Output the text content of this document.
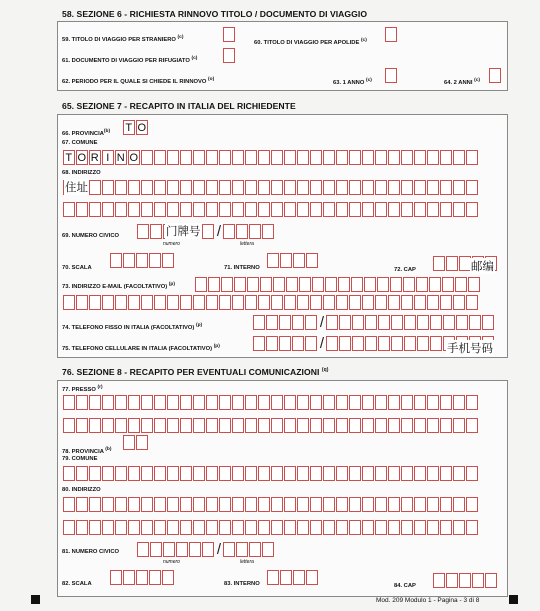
58. SEZIONE 6 - RICHIESTA RINNOVO TITOLO / DOCUMENTO DI VIAGGIO
59. TITOLO DI VIAGGIO PER STRANIERO $^{(c)}$
60. TITOLO DI VIAGGIO PER APOLIDE $^{(c)}$
61. DOCUMENTO DI VIAGGIO PER RIFUGIATO $^{(c)}$
62. PERIODO PER IL QUALE SI CHIEDE IL RINNOVO $^{(o)}$
63. 1 ANNO $^{(c)}$	64. 2 ANNI $^{(c)}$
65. SEZIONE 7 - RECAPITO IN ITALIA DEL RICHIEDENTE
66. PROVINCIA$^{(b)}$ T O
67. COMUNE
T O R I N O
68. INDIRIZZO
住址
69. NUMERO CIVICO	/
门牌号
numero	lettera
70. SCALA	71. INTERNO	72. CAP	邮编
73. INDIRIZZO E-MAIL (FACOLTATIVO) $^{(p)}$
74. TELEFONO FISSO IN ITALIA (FACOLTATIVO) $^{(p)}$	/
75. TELEFONO CELLULARE IN ITALIA (FACOLTATIVO) $^{(p)}$	/	手机号码
76. SEZIONE 8 - RECAPITO PER EVENTUALI COMUNICAZIONI $^{(q)}$
77. PRESSO $^{(r)}$
78. PROVINCIA $^{(b)}$
79. COMUNE
80. INDIRIZZO
81. NUMERO CIVICO	/
numero	lettera
82. SCALA	83. INTERNO	84. CAP
Mod. 209 Modulo 1 - Pagina - 3 di 8
